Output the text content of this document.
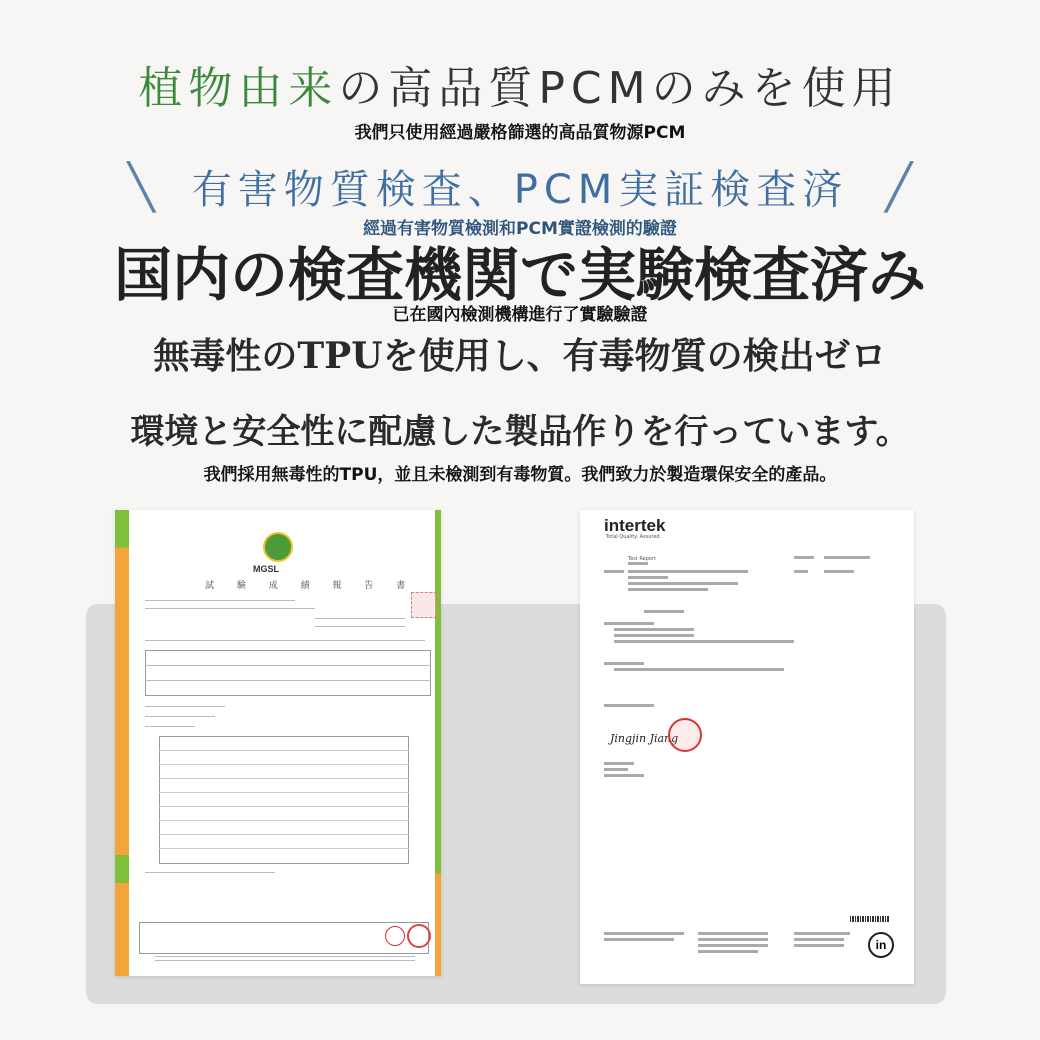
植物由来の高品質PCMのみを使用
我們只使用經過嚴格篩選的高品質物源PCM
╲ 有害物質検査、PCM実証検査済 ╱
經過有害物質檢測和PCM實證檢測的驗證
国内の検査機関で実験検査済み
已在國內檢測機構進行了實驗驗證
無毒性のTPUを使用し、有毒物質の検出ゼロ
環境と安全性に配慮した製品作りを行っています。
我們採用無毒性的TPU，並且未檢測到有毒物質。我們致力於製造環保安全的產品。
MGSL
試 験 成 績 報 告 書
intertek
Total Quality. Assured.
Test Report
Jingjin Jiang
in
